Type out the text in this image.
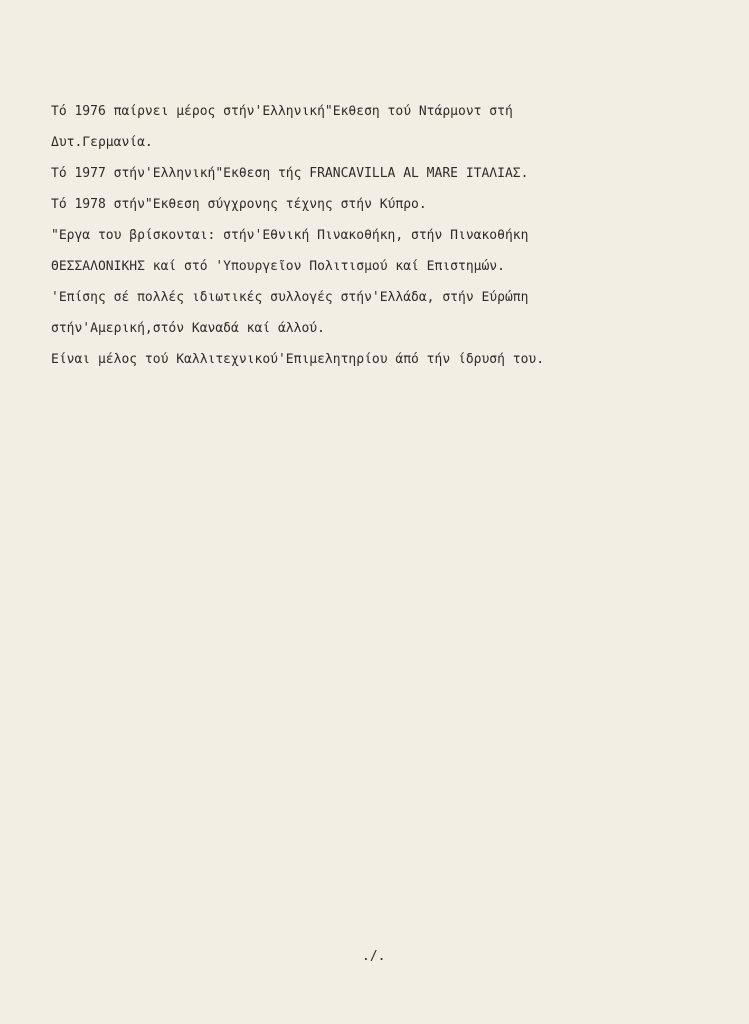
Τό 1976 παίρνει μέρος στήν'Ελληνική"Εκθεση τού Ντάρμοντ στή
Δυτ.Γερμανία.
Τό 1977 στήν'Ελληνική"Εκθεση τής FRANCAVILLA AL MARE ΙΤΑΛΙΑΣ.
Τό 1978 στήν"Εκθεση σύγχρονης τέχνης στήν Κύπρο.
"Εργα του βρίσκονται: στήν'Εθνική Πινακοθήκη, στήν Πινακοθήκη
ΘΕΣΣΑΛΟΝΙΚΗΣ καί στό 'Υπουργεῖον Πολιτισμού καί Επιστημών.
'Επίσης σέ πολλές ιδιωτικές συλλογές στήν'Ελλάδα, στήν Εύρώπη
στήν'Αμερική,στόν Καναδά καί άλλού.
Είναι μέλος τού Καλλιτεχνικού'Επιμελητηρίου άπό τήν ίδρυσή του.
./.
